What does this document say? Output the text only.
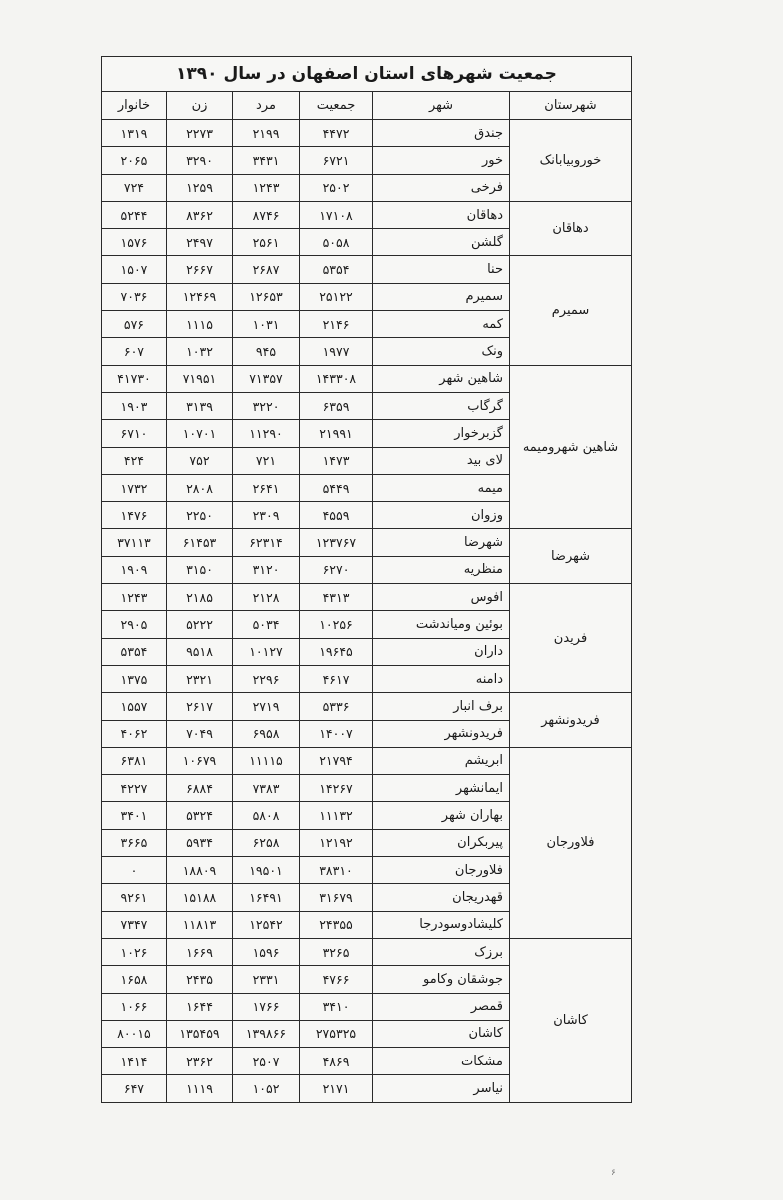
جمعیت شهرهای استان اصفهان در سال ۱۳۹۰					
شهرستان	شهر	جمعیت	مرد	زن	خانوار
خوروبیابانک	جندق	۴۴۷۲	۲۱۹۹	۲۲۷۳	۱۳۱۹
	خور	۶۷۲۱	۳۴۳۱	۳۲۹۰	۲۰۶۵
	فرخی	۲۵۰۲	۱۲۴۳	۱۲۵۹	۷۲۴
دهاقان	دهاقان	۱۷۱۰۸	۸۷۴۶	۸۳۶۲	۵۲۴۴
	گلشن	۵۰۵۸	۲۵۶۱	۲۴۹۷	۱۵۷۶
سمیرم	حنا	۵۳۵۴	۲۶۸۷	۲۶۶۷	۱۵۰۷
	سمیرم	۲۵۱۲۲	۱۲۶۵۳	۱۲۴۶۹	۷۰۳۶
	کمه	۲۱۴۶	۱۰۳۱	۱۱۱۵	۵۷۶
	ونک	۱۹۷۷	۹۴۵	۱۰۳۲	۶۰۷
شاهین شهرومیمه	شاهین شهر	۱۴۳۳۰۸	۷۱۳۵۷	۷۱۹۵۱	۴۱۷۳۰
	گرگاب	۶۳۵۹	۳۲۲۰	۳۱۳۹	۱۹۰۳
	گزبرخوار	۲۱۹۹۱	۱۱۲۹۰	۱۰۷۰۱	۶۷۱۰
	لای بید	۱۴۷۳	۷۲۱	۷۵۲	۴۲۴
	میمه	۵۴۴۹	۲۶۴۱	۲۸۰۸	۱۷۳۲
	وزوان	۴۵۵۹	۲۳۰۹	۲۲۵۰	۱۴۷۶
شهرضا	شهرضا	۱۲۳۷۶۷	۶۲۳۱۴	۶۱۴۵۳	۳۷۱۱۳
	منظریه	۶۲۷۰	۳۱۲۰	۳۱۵۰	۱۹۰۹
فریدن	افوس	۴۳۱۳	۲۱۲۸	۲۱۸۵	۱۲۴۳
	بوئین ومیاندشت	۱۰۲۵۶	۵۰۳۴	۵۲۲۲	۲۹۰۵
	داران	۱۹۶۴۵	۱۰۱۲۷	۹۵۱۸	۵۳۵۴
	دامنه	۴۶۱۷	۲۲۹۶	۲۳۲۱	۱۳۷۵
فریدونشهر	برف انبار	۵۳۳۶	۲۷۱۹	۲۶۱۷	۱۵۵۷
	فریدونشهر	۱۴۰۰۷	۶۹۵۸	۷۰۴۹	۴۰۶۲
فلاورجان	ابریشم	۲۱۷۹۴	۱۱۱۱۵	۱۰۶۷۹	۶۳۸۱
	ایمانشهر	۱۴۲۶۷	۷۳۸۳	۶۸۸۴	۴۲۲۷
	بهاران شهر	۱۱۱۳۲	۵۸۰۸	۵۳۲۴	۳۴۰۱
	پیربکران	۱۲۱۹۲	۶۲۵۸	۵۹۳۴	۳۶۶۵
	فلاورجان	۳۸۳۱۰	۱۹۵۰۱	۱۸۸۰۹	۰
	قهدریجان	۳۱۶۷۹	۱۶۴۹۱	۱۵۱۸۸	۹۲۶۱
	کلیشادوسودرجا	۲۴۳۵۵	۱۲۵۴۲	۱۱۸۱۳	۷۳۴۷
کاشان	برزک	۳۲۶۵	۱۵۹۶	۱۶۶۹	۱۰۲۶
	جوشقان وکامو	۴۷۶۶	۲۳۳۱	۲۴۳۵	۱۶۵۸
	قمصر	۳۴۱۰	۱۷۶۶	۱۶۴۴	۱۰۶۶
	کاشان	۲۷۵۳۲۵	۱۳۹۸۶۶	۱۳۵۴۵۹	۸۰۰۱۵
	مشکات	۴۸۶۹	۲۵۰۷	۲۳۶۲	۱۴۱۴
	نیاسر	۲۱۷۱	۱۰۵۲	۱۱۱۹	۶۴۷
۶
